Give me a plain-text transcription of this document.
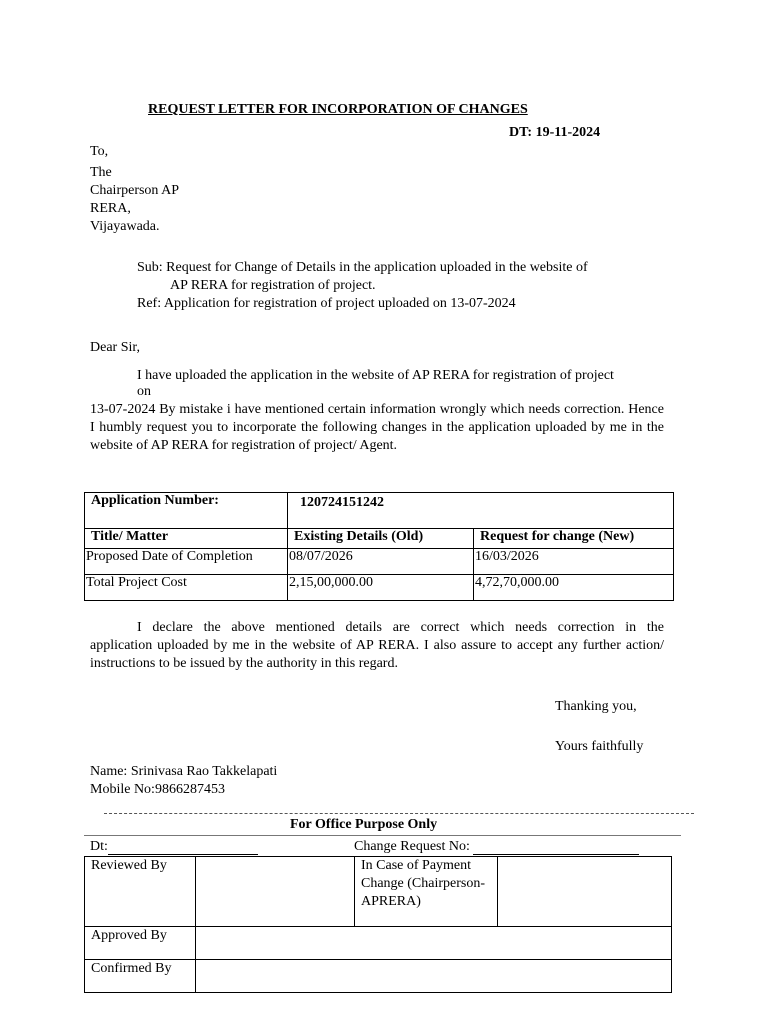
REQUEST LETTER FOR INCORPORATION OF CHANGES
DT: 19-11-2024
To,
The
Chairperson AP
RERA,
Vijayawada.
Sub: Request for Change of Details in the application uploaded in the website of
AP RERA for registration of project.
Ref: Application for registration of project uploaded on 13-07-2024
Dear Sir,
I have uploaded the application in the website of AP RERA for registration of project
on
13-07-2024 By mistake i have mentioned certain information wrongly which needs correction. Hence I humbly request you to incorporate the following changes in the application uploaded by me in the website of AP RERA for registration of project/ Agent.
Application Number:	120724151242	
Title/ Matter	Existing Details (Old)	Request for change (New)
Proposed Date of Completion	08/07/2026	16/03/2026
Total Project Cost	2,15,00,000.00	4,72,70,000.00
I declare the above mentioned details are correct which needs correction in the
application uploaded by me in the website of AP RERA. I also assure to accept any further action/ instructions to be issued by the authority in this regard.
Thanking you,
Yours faithfully
Name: Srinivasa Rao Takkelapati
Mobile No:9866287453
For Office Purpose Only
Dt:	Change Request No:
Reviewed By		In Case of Payment Change (Chairperson-APRERA)	
Approved By			
Confirmed By			
